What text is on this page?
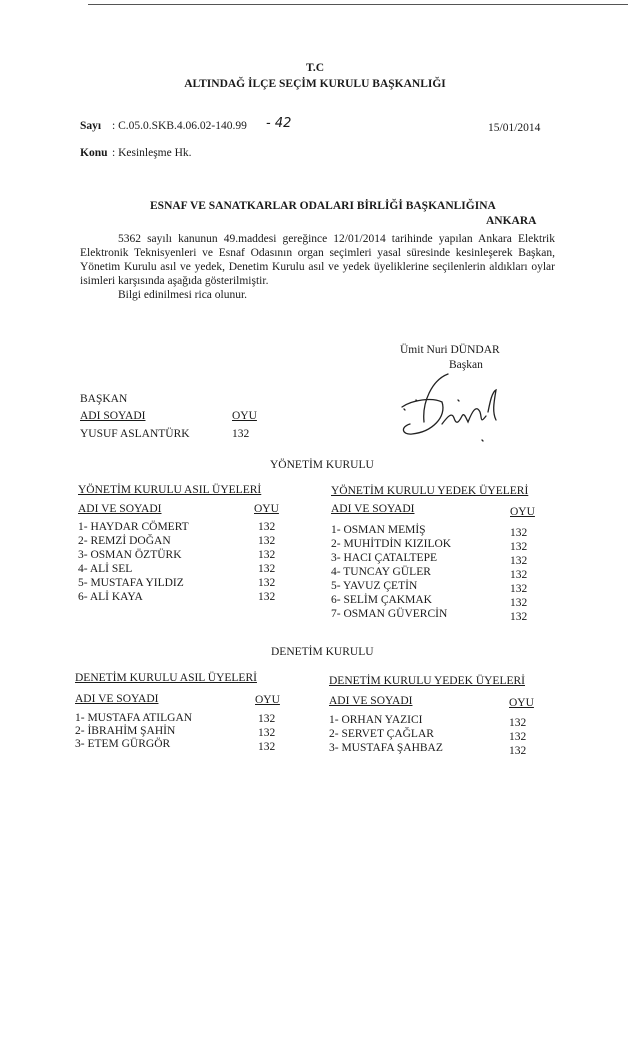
T.C
ALTINDAĞ İLÇE SEÇİM KURULU BAŞKANLIĞI
Sayı : C.05.0.SKB.4.06.02-140.99 - 42	15/01/2014
Konu : Kesinleşme Hk.
ESNAF VE SANATKARLAR ODALARI BİRLİĞİ BAŞKANLIĞINA
ANKARA

5362 sayılı kanunun 49.maddesi gereğince 12/01/2014 tarihinde yapılan Ankara Elektrik Elektronik Teknisyenleri ve Esnaf Odasının organ seçimleri yasal süresinde kesinleşerek Başkan, Yönetim Kurulu asıl ve yedek, Denetim Kurulu asıl ve yedek üyeliklerine seçilenlerin aldıkları oylar isimleri karşısında aşağıda gösterilmiştir.

Bilgi edinilmesi rica olunur.

Ümit Nuri DÜNDAR
Başkan
BAŞKAN
ADI SOYADI	OYU
YUSUF ASLANTÜRK	132
YÖNETİM KURULU
YÖNETİM KURULU ASIL ÜYELERİ
ADI VE SOYADI	OYU
1- HAYDAR CÖMERT	132
2- REMZİ DOĞAN	132
3- OSMAN ÖZTÜRK	132
4- ALİ SEL	132
5- MUSTAFA YILDIZ	132
6- ALİ KAYA	132
YÖNETİM KURULU YEDEK ÜYELERİ
ADI VE SOYADI	OYU
1- OSMAN MEMİŞ	132
2- MUHİTDİN KIZILOK	132
3- HACI ÇATALTEPE	132
4- TUNCAY GÜLER	132
5- YAVUZ ÇETİN	132
6- SELİM ÇAKMAK	132
7- OSMAN GÜVERCİN	132
DENETİM KURULU
DENETİM KURULU ASIL ÜYELERİ
ADI VE SOYADI	OYU
1- MUSTAFA ATILGAN	132
2- İBRAHİM ŞAHİN	132
3- ETEM GÜRGÖR	132
DENETİM KURULU YEDEK ÜYELERİ
ADI VE SOYADI	OYU
1- ORHAN YAZICI	132
2- SERVET ÇAĞLAR	132
3- MUSTAFA ŞAHBAZ	132
